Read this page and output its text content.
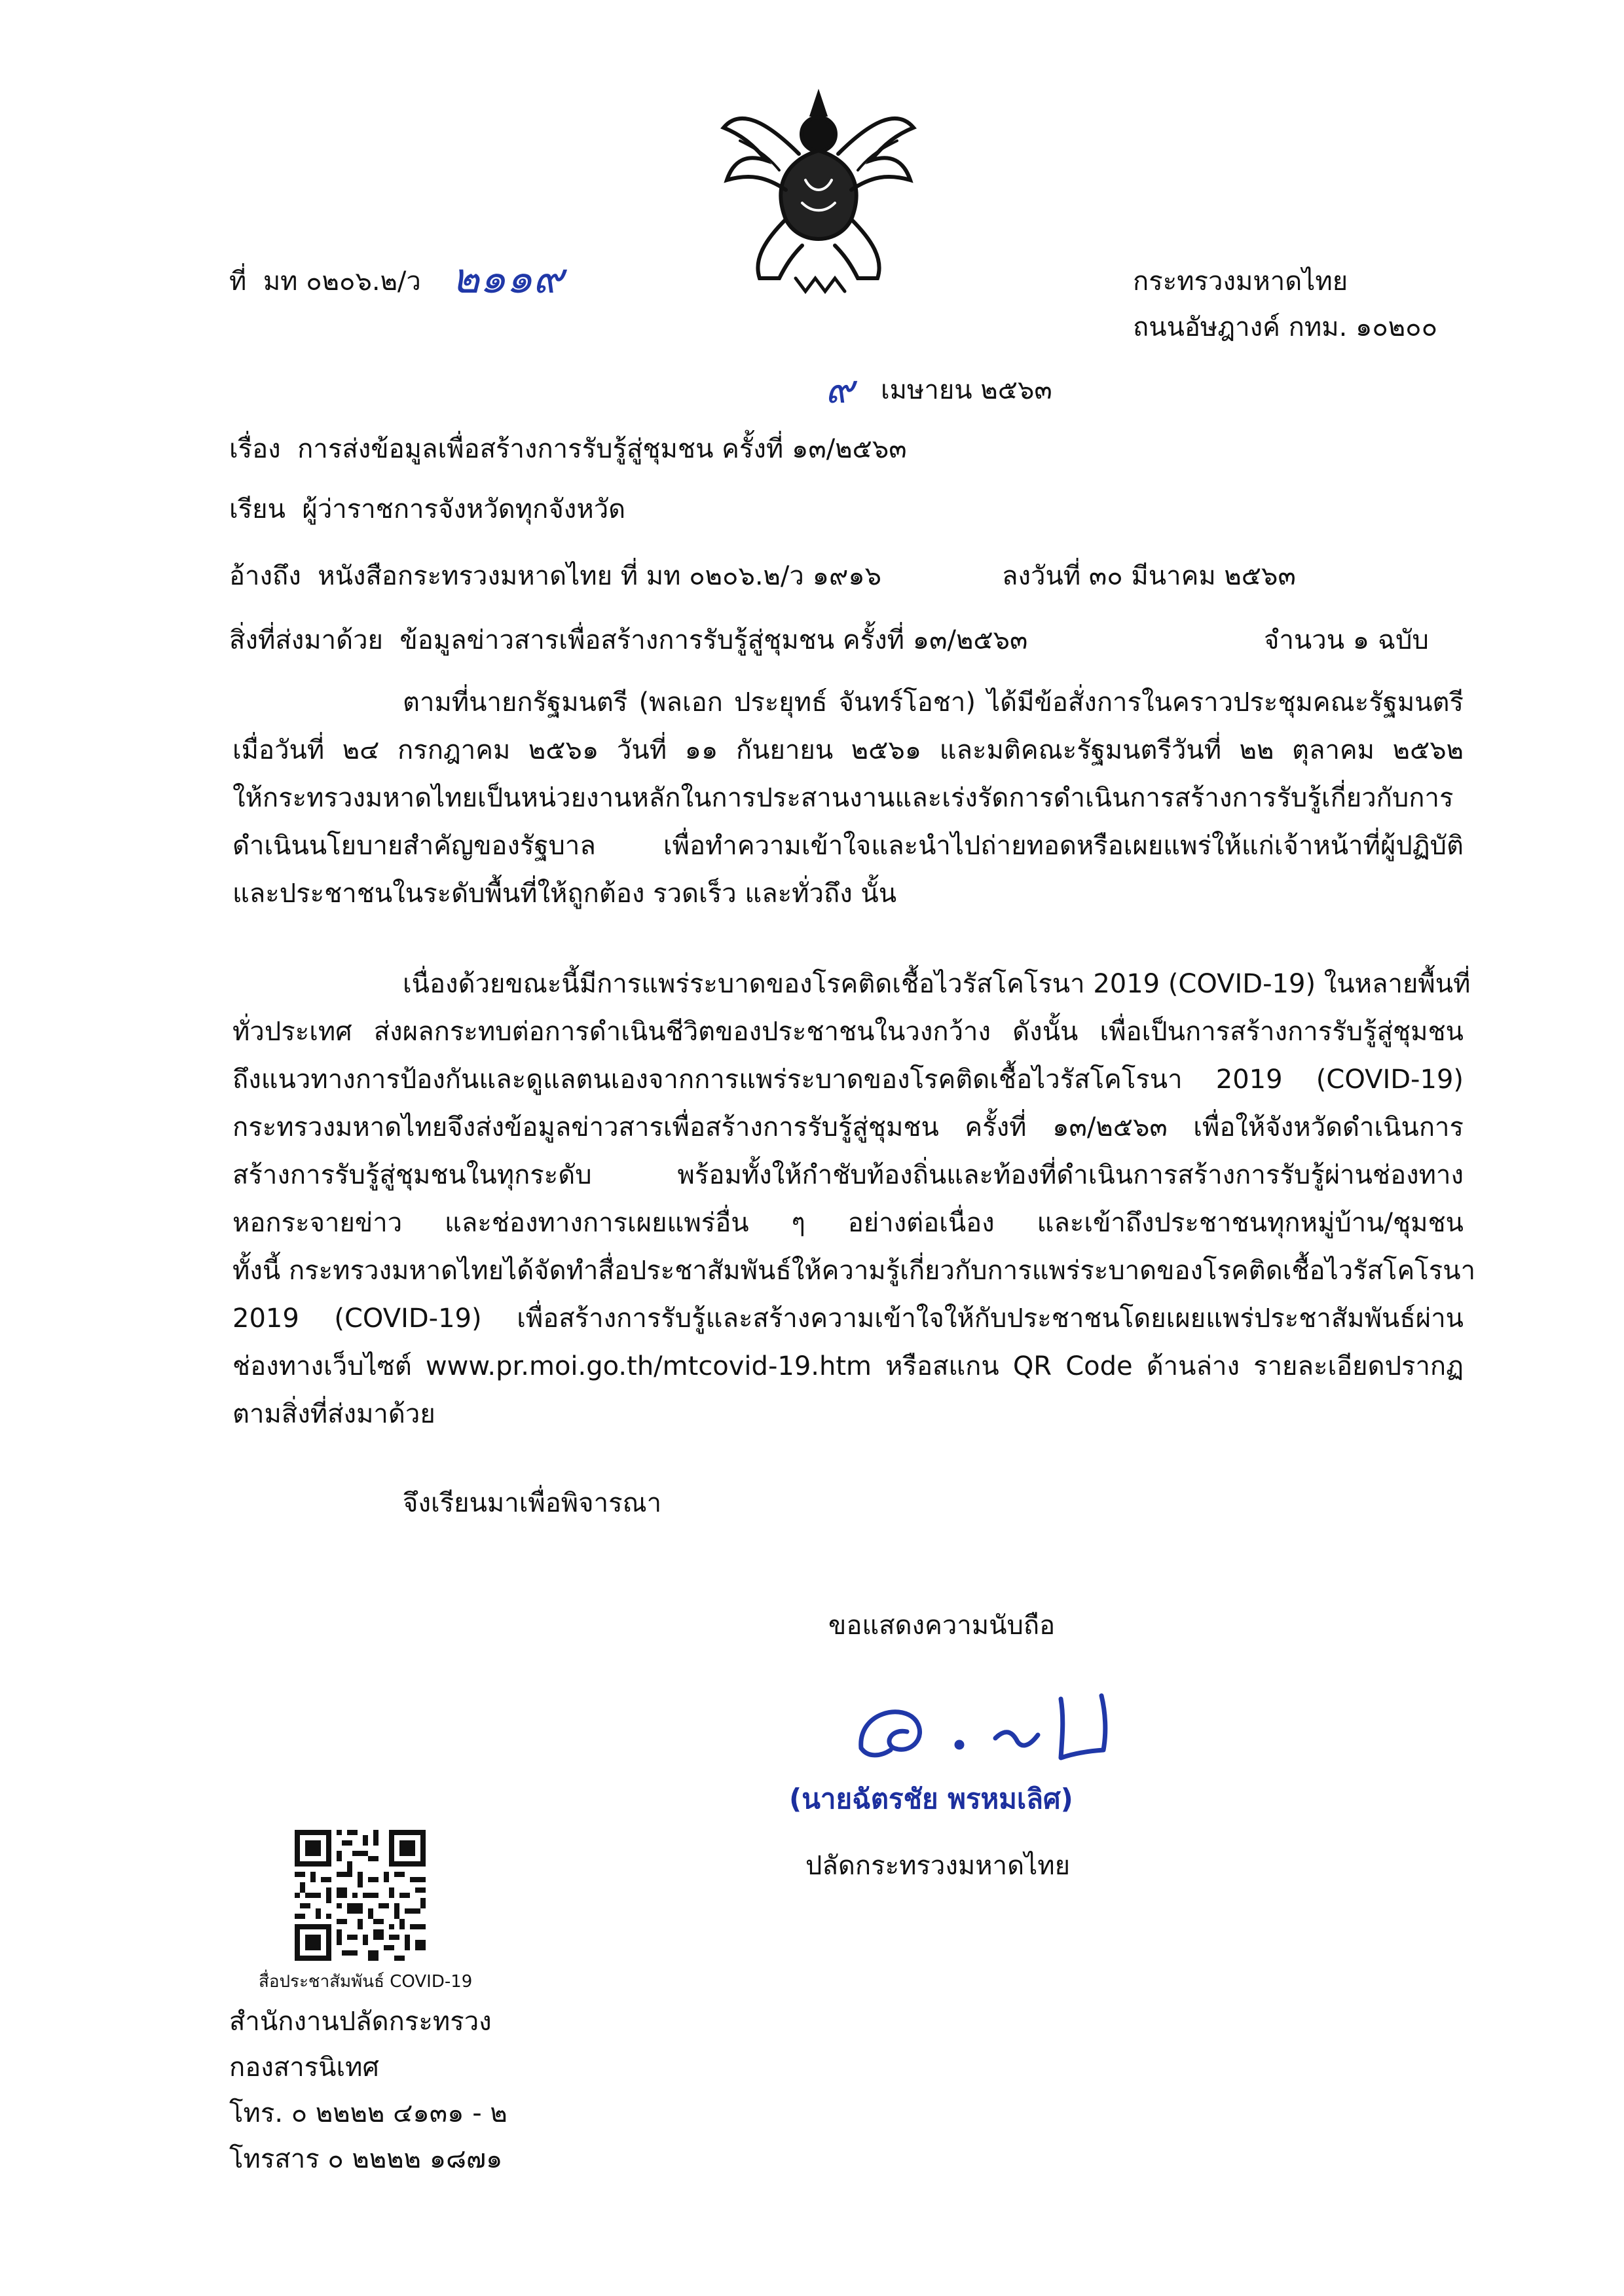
ที่ มท ๐๒๐๖.๒/ว ๒๑๑๙	กระทรวงมหาดไทย
ถนนอัษฎางค์ กทม. ๑๐๒๐๐
๙ เมษายน ๒๕๖๓
เรื่อง การส่งข้อมูลเพื่อสร้างการรับรู้สู่ชุมชน ครั้งที่ ๑๓/๒๕๖๓
เรียน ผู้ว่าราชการจังหวัดทุกจังหวัด
อ้างถึง หนังสือกระทรวงมหาดไทย ที่ มท ๐๒๐๖.๒/ว ๑๙๑๖	ลงวันที่ ๓๐ มีนาคม ๒๕๖๓
สิ่งที่ส่งมาด้วย ข้อมูลข่าวสารเพื่อสร้างการรับรู้สู่ชุมชน ครั้งที่ ๑๓/๒๕๖๓	จำนวน ๑ ฉบับ
ตามที่นายกรัฐมนตรี (พลเอก ประยุทธ์ จันทร์โอชา) ได้มีข้อสั่งการในคราวประชุมคณะรัฐมนตรี
เมื่อวันที่ ๒๔ กรกฎาคม ๒๕๖๑ วันที่ ๑๑ กันยายน ๒๕๖๑ และมติคณะรัฐมนตรีวันที่ ๒๒ ตุลาคม ๒๕๖๒
ให้กระทรวงมหาดไทยเป็นหน่วยงานหลักในการประสานงานและเร่งรัดการดำเนินการสร้างการรับรู้เกี่ยวกับการ
ดำเนินนโยบายสำคัญของรัฐบาล เพื่อทำความเข้าใจและนำไปถ่ายทอดหรือเผยแพร่ให้แก่เจ้าหน้าที่ผู้ปฏิบัติ
และประชาชนในระดับพื้นที่ให้ถูกต้อง รวดเร็ว และทั่วถึง นั้น
เนื่องด้วยขณะนี้มีการแพร่ระบาดของโรคติดเชื้อไวรัสโคโรนา 2019 (COVID-19) ในหลายพื้นที่
ทั่วประเทศ ส่งผลกระทบต่อการดำเนินชีวิตของประชาชนในวงกว้าง ดังนั้น เพื่อเป็นการสร้างการรับรู้สู่ชุมชน
ถึงแนวทางการป้องกันและดูแลตนเองจากการแพร่ระบาดของโรคติดเชื้อไวรัสโคโรนา 2019 (COVID-19)
กระทรวงมหาดไทยจึงส่งข้อมูลข่าวสารเพื่อสร้างการรับรู้สู่ชุมชน ครั้งที่ ๑๓/๒๕๖๓ เพื่อให้จังหวัดดำเนินการ
สร้างการรับรู้สู่ชุมชนในทุกระดับ พร้อมทั้งให้กำชับท้องถิ่นและท้องที่ดำเนินการสร้างการรับรู้ผ่านช่องทาง
หอกระจายข่าว และช่องทางการเผยแพร่อื่น ๆ อย่างต่อเนื่อง และเข้าถึงประชาชนทุกหมู่บ้าน/ชุมชน
ทั้งนี้ กระทรวงมหาดไทยได้จัดทำสื่อประชาสัมพันธ์ให้ความรู้เกี่ยวกับการแพร่ระบาดของโรคติดเชื้อไวรัสโคโรนา
2019 (COVID-19) เพื่อสร้างการรับรู้และสร้างความเข้าใจให้กับประชาชนโดยเผยแพร่ประชาสัมพันธ์ผ่าน
ช่องทางเว็บไซต์ www.pr.moi.go.th/mtcovid-19.htm หรือสแกน QR Code ด้านล่าง รายละเอียดปรากฏ
ตามสิ่งที่ส่งมาด้วย
จึงเรียนมาเพื่อพิจารณา
ขอแสดงความนับถือ
(นายฉัตรชัย พรหมเลิศ)
ปลัดกระทรวงมหาดไทย
สื่อประชาสัมพันธ์ COVID-19
สำนักงานปลัดกระทรวง
กองสารนิเทศ
โทร. ๐ ๒๒๒๒ ๔๑๓๑ - ๒
โทรสาร ๐ ๒๒๒๒ ๑๘๗๑
